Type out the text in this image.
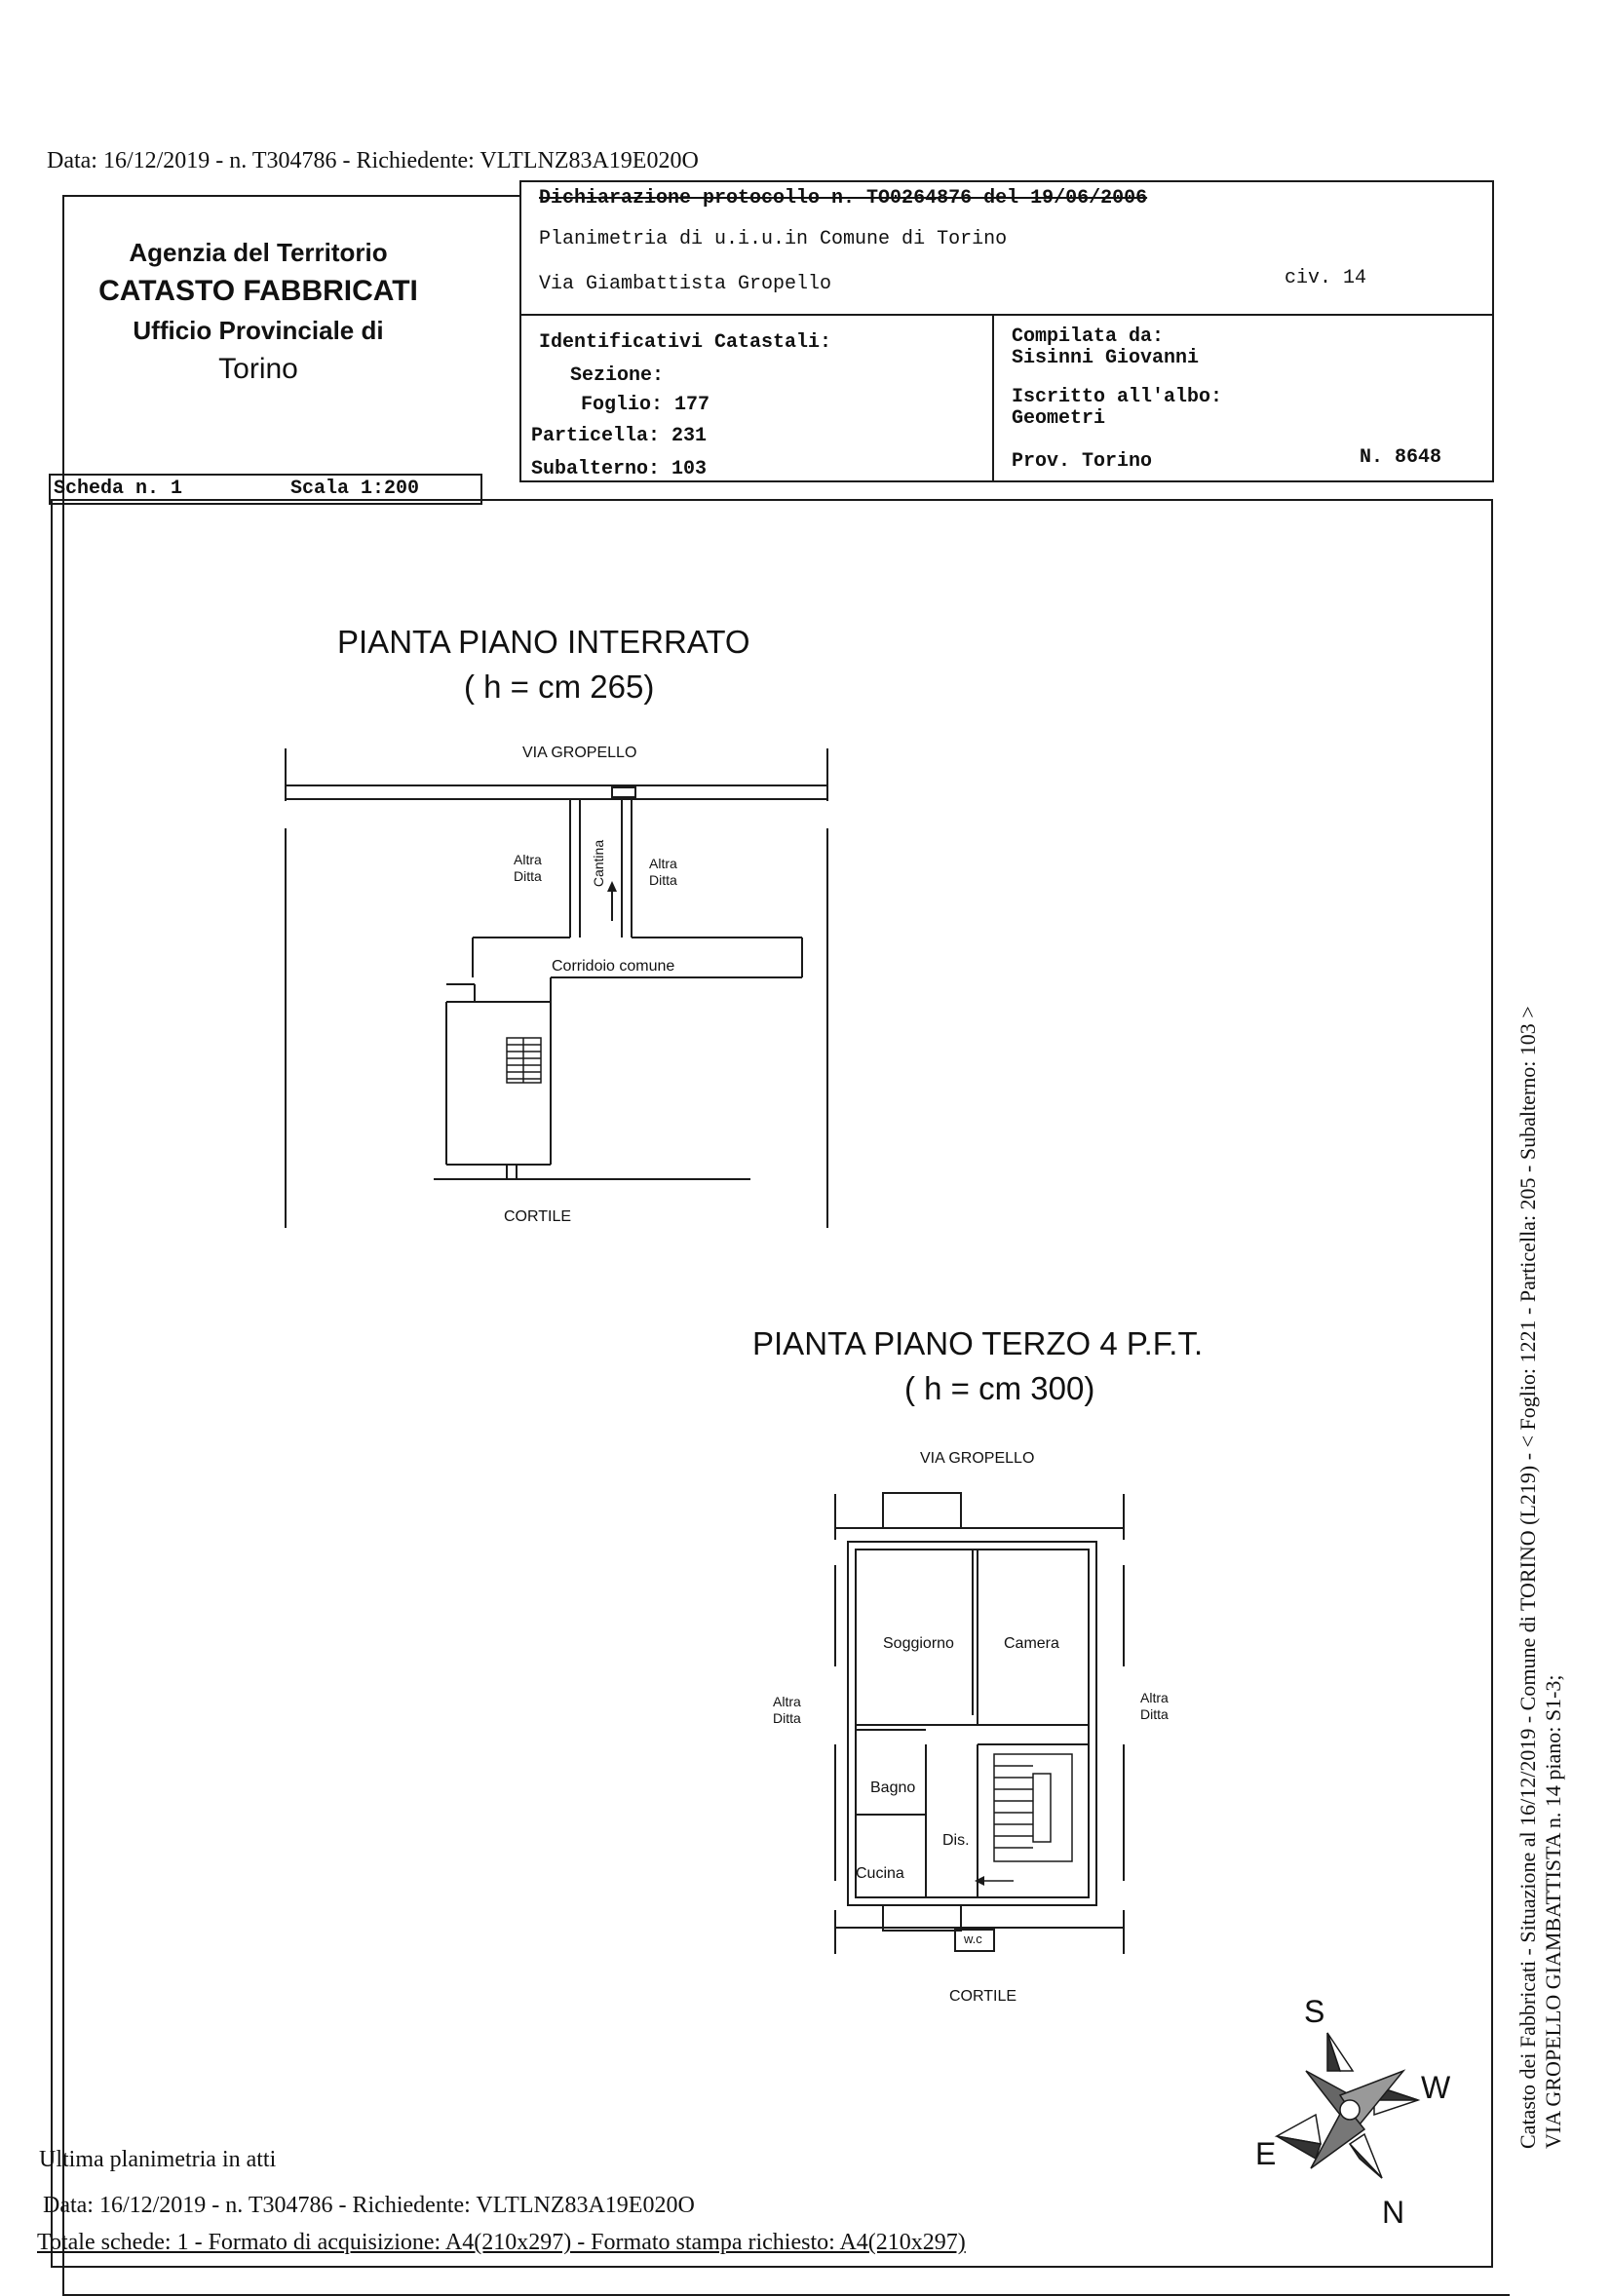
Data: 16/12/2019 - n. T304786 - Richiedente: VLTLNZ83A19E020O
Agenzia del Territorio
CATASTO FABBRICATI
Ufficio Provinciale di
Torino
Dichiarazione protocollo n. TO0264876 del 19/06/2006
Planimetria di u.i.u.in Comune di Torino
Via Giambattista Gropello	civ. 14
Identificativi Catastali:
Sezione:
Foglio: 177
Particella: 231
Subalterno: 103
Compilata da:
Sisinni Giovanni
Iscritto all'albo:
Geometri
Prov. Torino	N. 8648
Scheda n. 1	Scala 1:200
PIANTA PIANO INTERRATO
( h = cm 265)
VIA GROPELLO
Altra
Ditta
Altra
Ditta
Cantina
Corridoio comune
CORTILE
PIANTA PIANO TERZO 4 P.F.T.
( h = cm 300)
VIA GROPELLO
Soggiorno	Camera
Bagno
Dis.
Cucina
w.c
Altra
Ditta
Altra
Ditta
CORTILE	S
W
E
N
Ultima planimetria in atti
Data: 16/12/2019 - n. T304786 - Richiedente: VLTLNZ83A19E020O
Totale schede: 1 - Formato di acquisizione: A4(210x297) - Formato stampa richiesto: A4(210x297)
Catasto dei Fabbricati - Situazione al 16/12/2019 - Comune di TORINO (L219) - < Foglio: 1221 - Particella: 205 - Subalterno: 103 > VIA GROPELLO GIAMBATTISTA n. 14 piano: S1-3;
